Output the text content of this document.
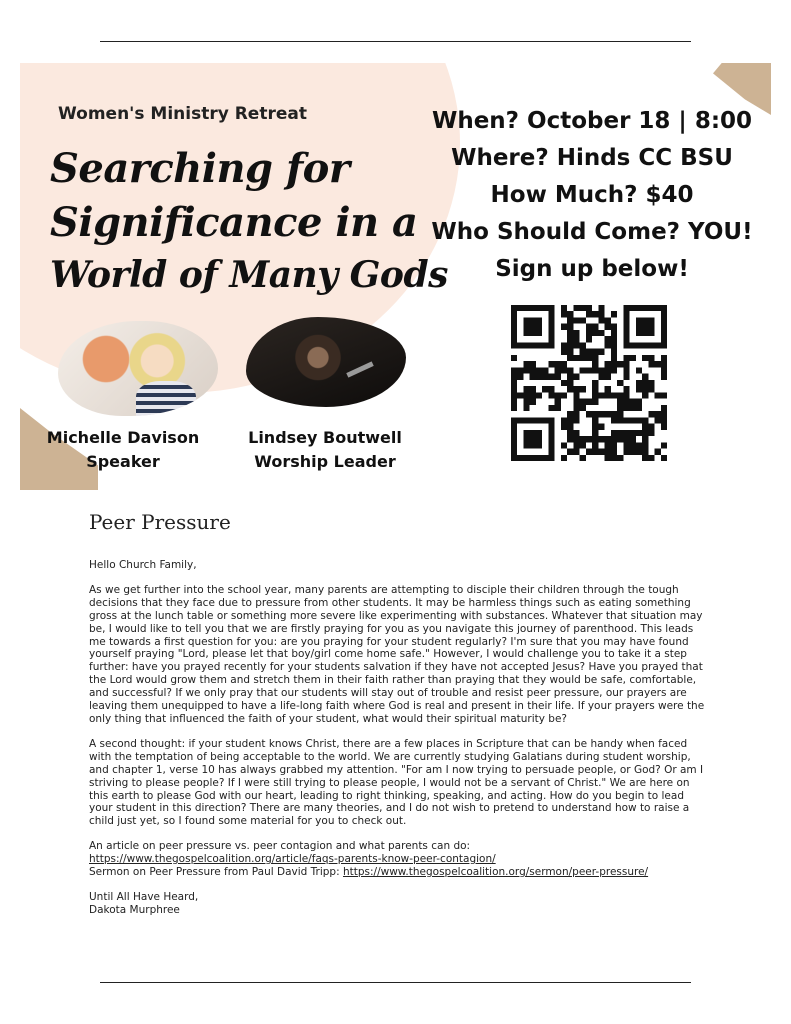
Women's Ministry Retreat
Searching for
Significance in a
World of Many Gods
When? October 18 | 8:00
Where? Hinds CC BSU
How Much? $40
Who Should Come? YOU!
Sign up below!
Michelle Davison
Speaker
Lindsey Boutwell
Worship Leader
Peer Pressure

Hello Church Family,

As we get further into the school year, many parents are attempting to disciple their children through the tough decisions that they face due to pressure from other students. It may be harmless things such as eating something gross at the lunch table or something more severe like experimenting with substances. Whatever that situation may be, I would like to tell you that we are firstly praying for you as you navigate this journey of parenthood. This leads me towards a first question for you: are you praying for your student regularly? I'm sure that you may have found yourself praying "Lord, please let that boy/girl come home safe." However, I would challenge you to take it a step further: have you prayed recently for your students salvation if they have not accepted Jesus? Have you prayed that the Lord would grow them and stretch them in their faith rather than praying that they would be safe, comfortable, and successful? If we only pray that our students will stay out of trouble and resist peer pressure, our prayers are leaving them unequipped to have a life-long faith where God is real and present in their life. If your prayers were the only thing that influenced the faith of your student, what would their spiritual maturity be?

A second thought: if your student knows Christ, there are a few places in Scripture that can be handy when faced with the temptation of being acceptable to the world. We are currently studying Galatians during student worship, and chapter 1, verse 10 has always grabbed my attention. "For am I now trying to persuade people, or God? Or am I striving to please people? If I were still trying to please people, I would not be a servant of Christ." We are here on this earth to please God with our heart, leading to right thinking, speaking, and acting. How do you begin to lead your student in this direction? There are many theories, and I do not wish to pretend to understand how to raise a child just yet, so I found some material for you to check out.

An article on peer pressure vs. peer contagion and what parents can do:
https://www.thegospelcoalition.org/article/faqs-parents-know-peer-contagion/
Sermon on Peer Pressure from Paul David Tripp: https://www.thegospelcoalition.org/sermon/peer-pressure/

Until All Have Heard,
Dakota Murphree
